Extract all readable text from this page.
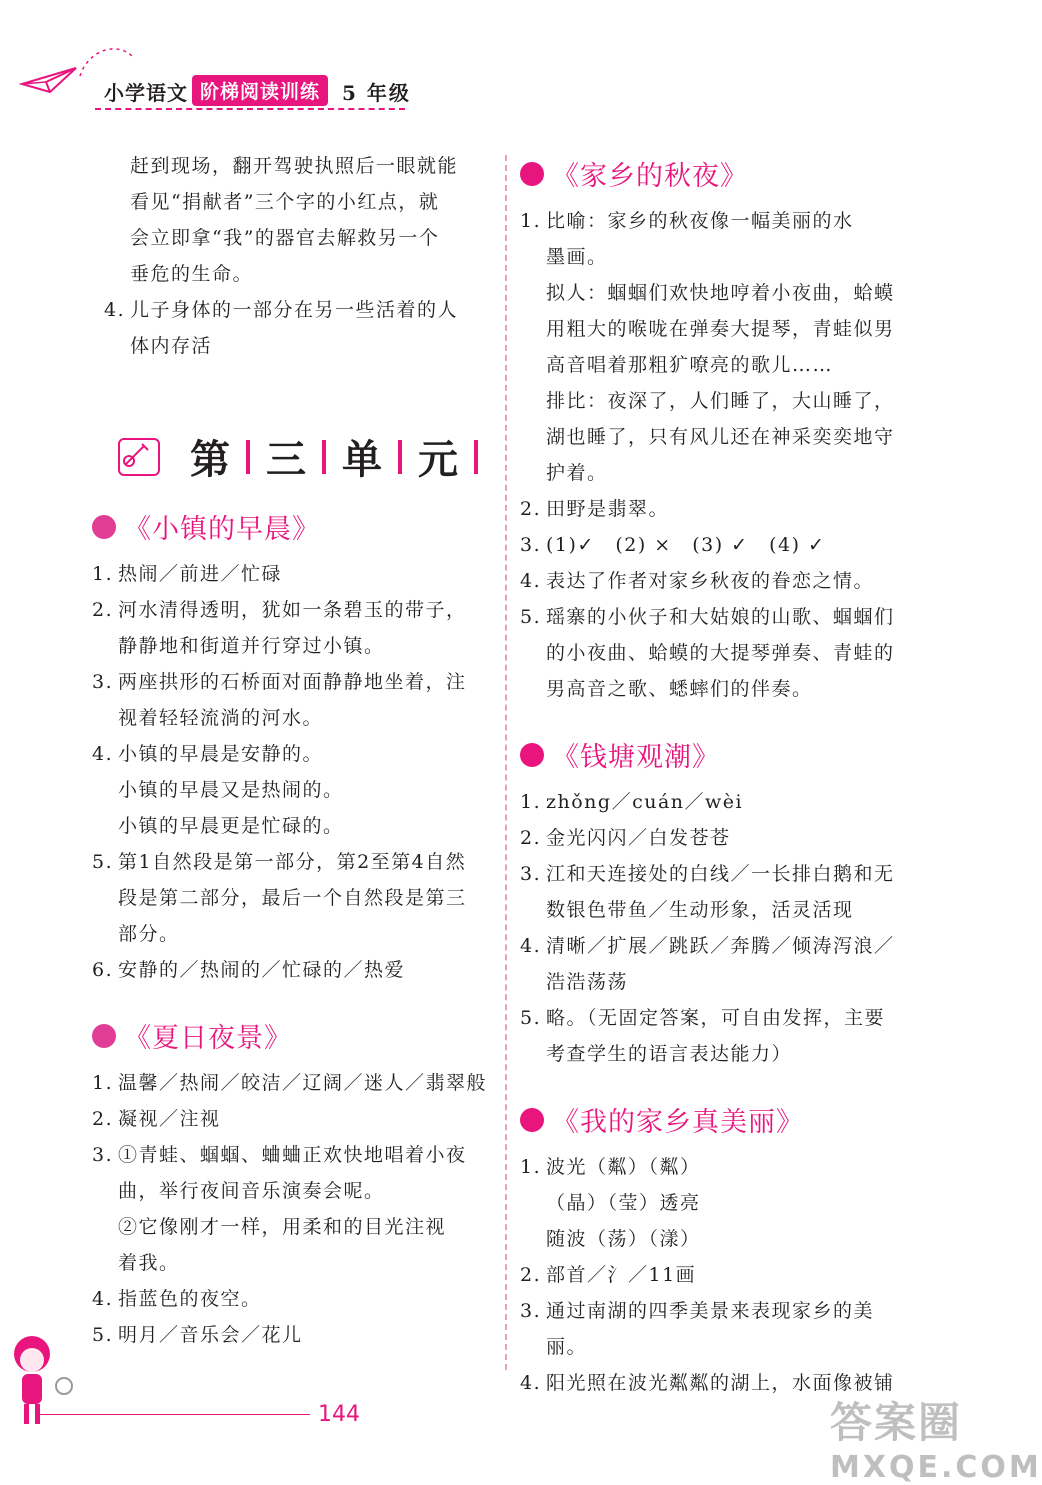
小学语文 阶梯阅读训练	5 年级
赶到现场，翻开驾驶执照后一眼就能
看见“捐献者”三个字的小红点，就
会立即拿“我”的器官去解救另一个
垂危的生命。
4. 儿子身体的一部分在另一些活着的人
体内存活
第 三 单 元
《小镇的早晨》
1. 热闹／前进／忙碌
2. 河水清得透明，犹如一条碧玉的带子，
静静地和街道并行穿过小镇。
3. 两座拱形的石桥面对面静静地坐着，注
视着轻轻流淌的河水。
4. 小镇的早晨是安静的。
小镇的早晨又是热闹的。
小镇的早晨更是忙碌的。
5. 第1自然段是第一部分，第2至第4自然
段是第二部分，最后一个自然段是第三
部分。
6. 安静的／热闹的／忙碌的／热爱
《夏日夜景》
1. 温馨／热闹／皎洁／辽阔／迷人／翡翠般
2. 凝视／注视
3. ①青蛙、蝈蝈、蛐蛐正欢快地唱着小夜
曲，举行夜间音乐演奏会呢。
②它像刚才一样，用柔和的目光注视
着我。
4. 指蓝色的夜空。
5. 明月／音乐会／花儿
《家乡的秋夜》
1. 比喻：家乡的秋夜像一幅美丽的水
墨画。
拟人：蝈蝈们欢快地哼着小夜曲，蛤蟆
用粗大的喉咙在弹奏大提琴，青蛙似男
高音唱着那粗犷嘹亮的歌儿……
排比：夜深了，人们睡了，大山睡了，
湖也睡了，只有风儿还在神采奕奕地守
护着。
2. 田野是翡翠。
3. (1)✓　(2) ×　(3) ✓　(4) ✓
4. 表达了作者对家乡秋夜的眷恋之情。
5. 瑶寨的小伙子和大姑娘的山歌、蝈蝈们
的小夜曲、蛤蟆的大提琴弹奏、青蛙的
男高音之歌、蟋蟀们的伴奏。
《钱塘观潮》
1. zhǒng／cuán／wèi
2. 金光闪闪／白发苍苍
3. 江和天连接处的白线／一长排白鹅和无
数银色带鱼／生动形象，活灵活现
4. 清晰／扩展／跳跃／奔腾／倾涛泻浪／
浩浩荡荡
5. 略。（无固定答案，可自由发挥，主要
考查学生的语言表达能力）
《我的家乡真美丽》
1. 波光（粼）（粼）
（晶）（莹）透亮
随波（荡）（漾）
2. 部首／氵／11画
3. 通过南湖的四季美景来表现家乡的美丽。
4. 阳光照在波光粼粼的湖上，水面像被铺
144	答案圈
MXQE.COM
